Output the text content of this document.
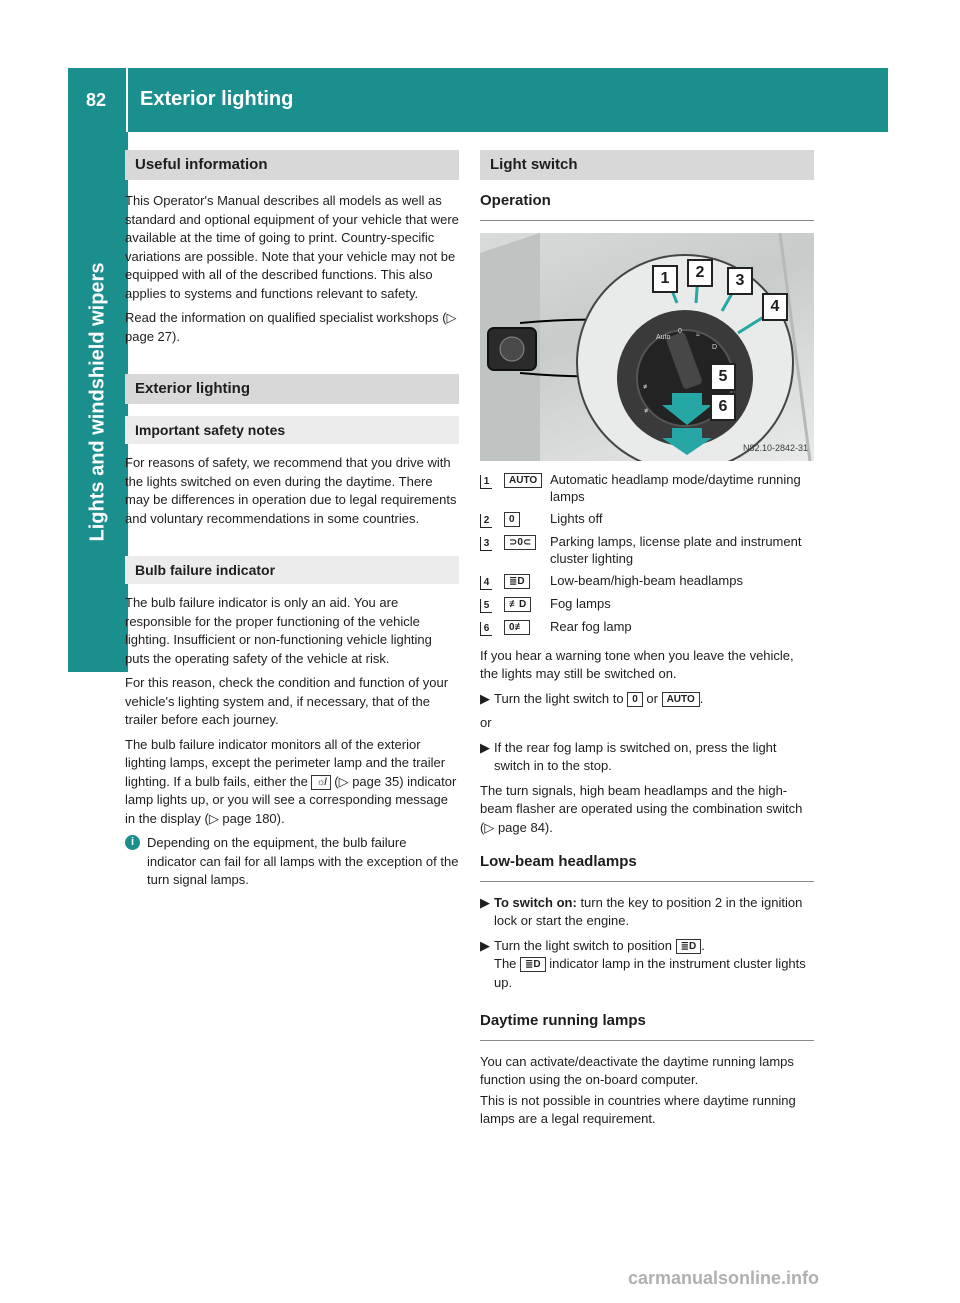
82 Exterior lighting
Lights and windshield wipers
Useful information

This Operator's Manual describes all models as well as standard and optional equipment of your vehicle that were available at the time of going to print. Country-specific variations are possible. Note that your vehicle may not be equipped with all of the described functions. This also applies to systems and functions relevant to safety.

Read the information on qualified specialist workshops (▷ page 27).

Exterior lighting
Important safety notes

For reasons of safety, we recommend that you drive with the lights switched on even during the daytime. There may be differences in operation due to legal requirements and voluntary recommendations in some countries.

Bulb failure indicator

The bulb failure indicator is only an aid. You are responsible for the proper functioning of the vehicle lighting. Insufficient or non-functioning vehicle lighting puts the operating safety of the vehicle at risk.

For this reason, check the condition and function of your vehicle's lighting system and, if necessary, that of the trailer before each journey.

The bulb failure indicator monitors all of the exterior lighting lamps, except the perimeter lamp and the trailer lighting. If a bulb fails, either the ☼̸ (▷ page 35) indicator lamp lights up, or you will see a corresponding message in the display (▷ page 180).

i Depending on the equipment, the bulb failure indicator can fail for all lamps with the exception of the turn signal lamps.
Light switch
Operation
Auto
0
≈
D
≢
≢
1	2	3
4
5
6
N82.10-2842-31
1	AUTO	Automatic headlamp mode/daytime running lamps
2	0	Lights off
3	⊃0⊂	Parking lamps, license plate and instrument cluster lighting
4	≣D	Low-beam/high-beam headlamps
5	≢D	Fog lamps
6	0≢	Rear fog lamp

If you hear a warning tone when you leave the vehicle, the lights may still be switched on.

▶ Turn the light switch to 0 or AUTO .

or

▶ If the rear fog lamp is switched on, press the light switch in to the stop.

The turn signals, high beam headlamps and the high-beam flasher are operated using the combination switch (▷ page 84).

Low-beam headlamps
▶ To switch on: turn the key to position 2 in the ignition lock or start the engine.
▶ Turn the light switch to position ≣D .
The ≣D indicator lamp in the instrument cluster lights up.
Daytime running lamps

You can activate/deactivate the daytime running lamps function using the on-board computer.

This is not possible in countries where daytime running lamps are a legal requirement.

carmanualsonline.info
